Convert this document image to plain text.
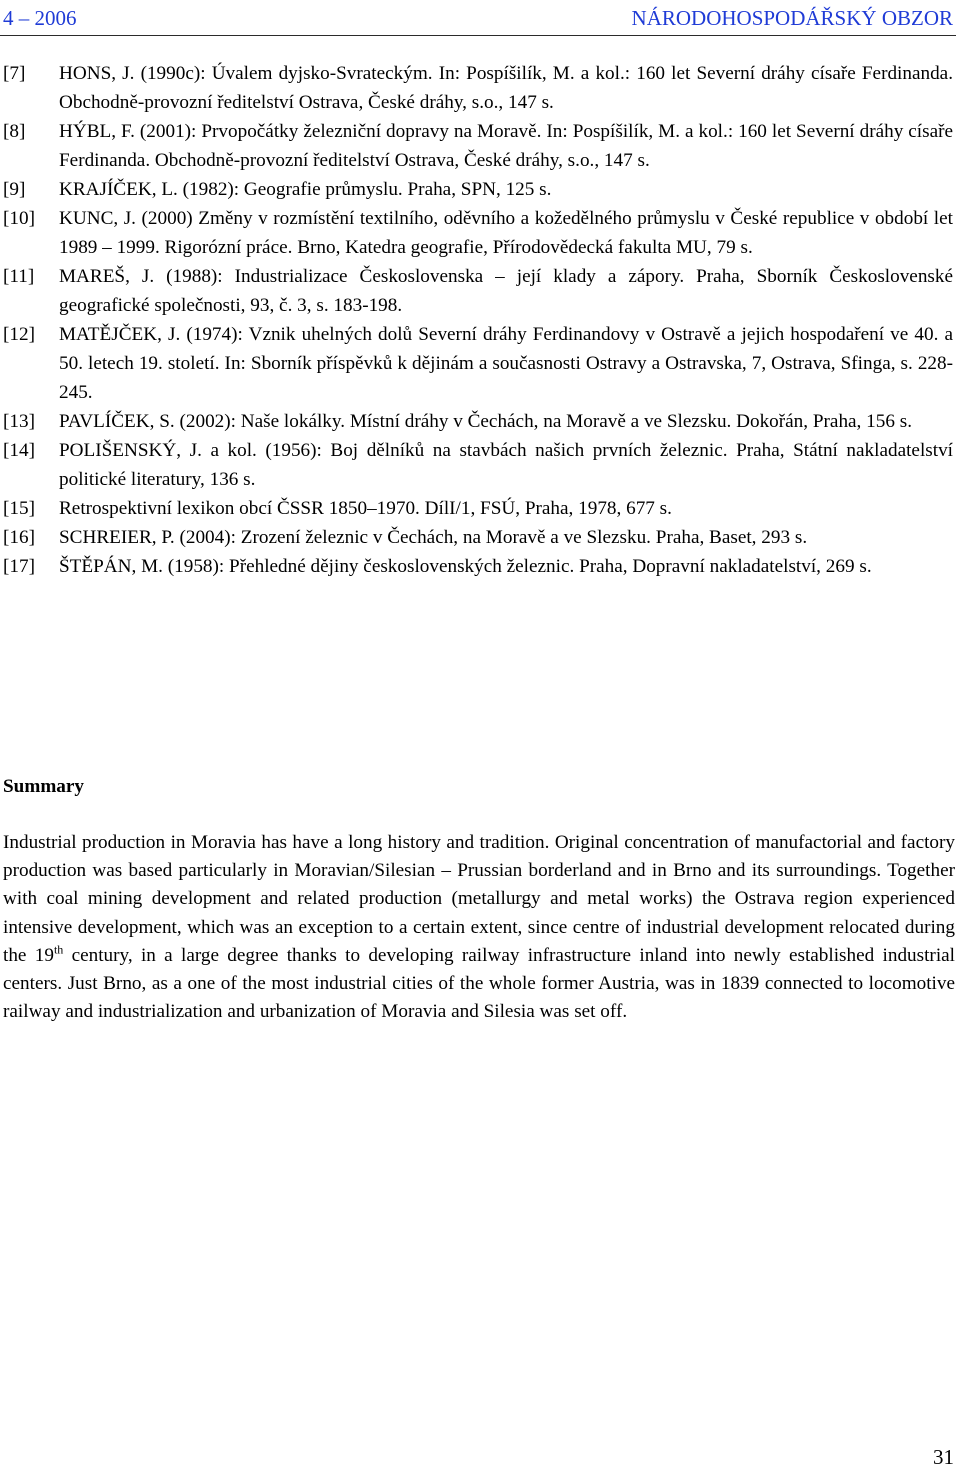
4 – 2006	NÁRODOHOSPODÁŘSKÝ OBZOR
[7] HONS, J. (1990c): Úvalem dyjsko-Svrateckým. In: Pospíšilík, M. a kol.: 160 let Severní dráhy císaře Ferdinanda. Obchodně-provozní ředitelství Ostrava, České dráhy, s.o., 147 s.
[8] HÝBL, F. (2001): Prvopočátky železniční dopravy na Moravě. In: Pospíšilík, M. a kol.: 160 let Severní dráhy císaře Ferdinanda. Obchodně-provozní ředitelství Ostrava, České dráhy, s.o., 147 s.
[9] KRAJÍČEK, L. (1982): Geografie průmyslu. Praha, SPN, 125 s.
[10] KUNC, J. (2000) Změny v rozmístění textilního, oděvního a kožedělného průmyslu v České republice v období let 1989 – 1999. Rigorózní práce. Brno, Katedra geografie, Přírodovědecká fakulta MU, 79 s.
[11] MAREŠ, J. (1988): Industrializace Československa – její klady a zápory. Praha, Sborník Československé geografické společnosti, 93, č. 3, s. 183-198.
[12] MATĚJČEK, J. (1974): Vznik uhelných dolů Severní dráhy Ferdinandovy v Ostravě a jejich hospodaření ve 40. a 50. letech 19. století. In: Sborník příspěvků k dějinám a současnosti Ostravy a Ostravska, 7, Ostrava, Sfinga, s. 228-245.
[13] PAVLÍČEK, S. (2002): Naše lokálky. Místní dráhy v Čechách, na Moravě a ve Slezsku. Dokořán, Praha, 156 s.
[14] POLIŠENSKÝ, J. a kol. (1956): Boj dělníků na stavbách našich prvních železnic. Praha, Státní nakladatelství politické literatury, 136 s.
[15] Retrospektivní lexikon obcí ČSSR 1850–1970. DílI/1, FSÚ, Praha, 1978, 677 s.
[16] SCHREIER, P. (2004): Zrození železnic v Čechách, na Moravě a ve Slezsku. Praha, Baset, 293 s.
[17] ŠTĚPÁN, M. (1958): Přehledné dějiny československých železnic. Praha, Dopravní nakladatelství, 269 s.
Summary

Industrial production in Moravia has have a long history and tradition. Original concentration of manufactorial and factory production was based particularly in Moravian/Silesian – Prussian borderland and in Brno and its surroundings. Together with coal mining development and related production (metallurgy and metal works) the Ostrava region experienced intensive development, which was an exception to a certain extent, since centre of industrial development relocated during the 19th century, in a large degree thanks to developing railway infrastructure inland into newly established industrial centers. Just Brno, as a one of the most industrial cities of the whole former Austria, was in 1839 connected to locomotive railway and industrialization and urbanization of Moravia and Silesia was set off.

31
